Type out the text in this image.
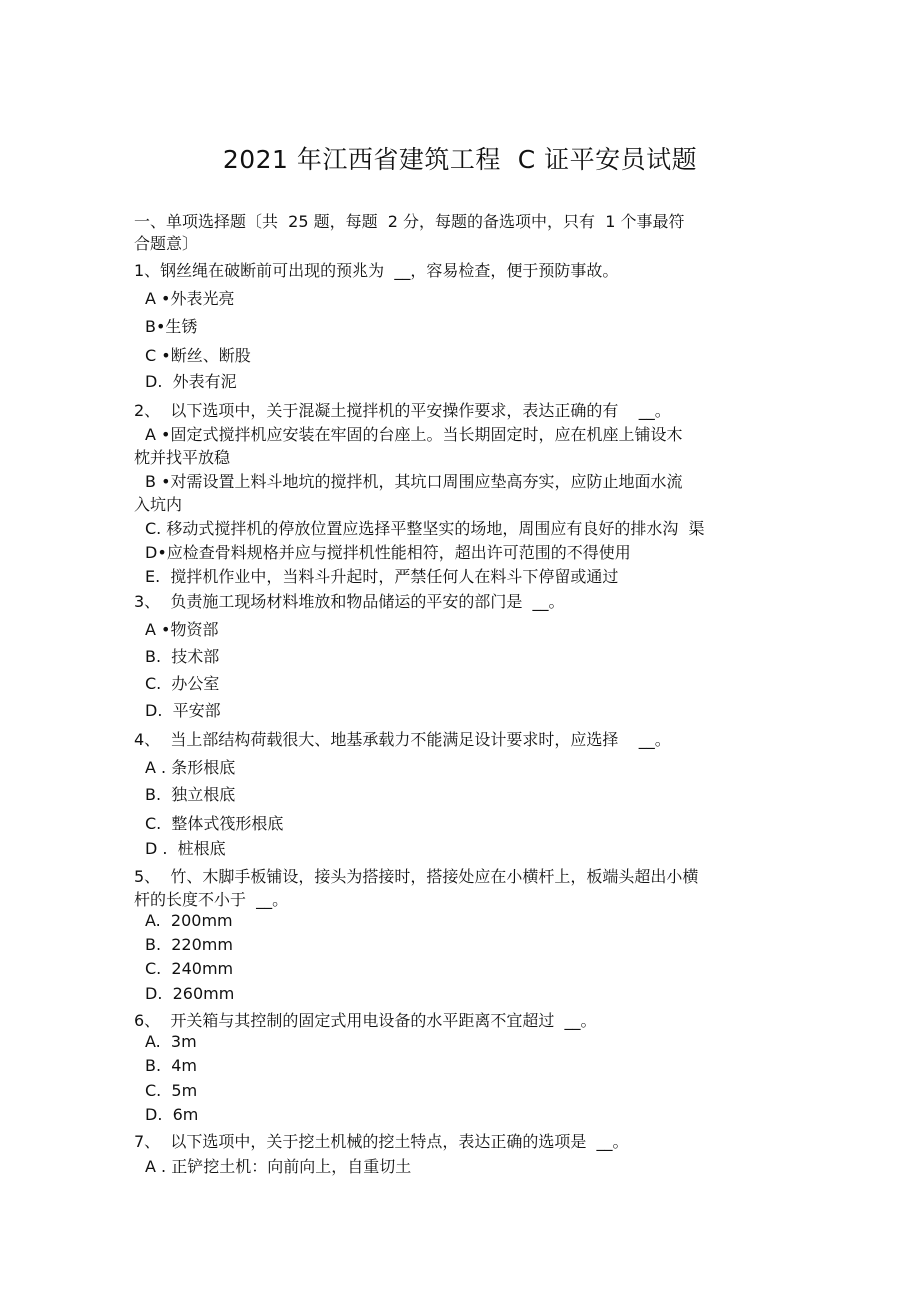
2021 年江西省建筑工程  C 证平安员试题
一、单项选择题〔共  25 题，每题  2 分，每题的备选项中，只有  1 个事最符
合题意〕
1、钢丝绳在破断前可出现的预兆为  __，容易检查，便于预防事故。
A •外表光亮
B•生锈
C •断丝、断股
D.  外表有泥
2、  以下选项中，关于混凝土搅拌机的平安操作要求，表达正确的有    __。
A •固定式搅拌机应安装在牢固的台座上。当长期固定时，应在机座上铺设木
枕并找平放稳
B •对需设置上料斗地坑的搅拌机，其坑口周围应垫高夯实，应防止地面水流
入坑内
C. 移动式搅拌机的停放位置应选择平整坚实的场地，周围应有良好的排水沟  渠
D•应检查骨料规格并应与搅拌机性能相符，超出许可范围的不得使用
E.  搅拌机作业中，当料斗升起时，严禁任何人在料斗下停留或通过
3、  负责施工现场材料堆放和物品储运的平安的部门是  __。
A •物资部
B.  技术部
C.  办公室
D.  平安部
4、  当上部结构荷载很大、地基承载力不能满足设计要求时，应选择    __。
A . 条形根底
B.  独立根底
C.  整体式筏形根底
D .  桩根底
5、  竹、木脚手板铺设，接头为搭接时，搭接处应在小横杆上，板端头超出小横
杆的长度不小于  __。
A.  200mm
B.  220mm
C.  240mm
D.  260mm
6、  开关箱与其控制的固定式用电设备的水平距离不宜超过  __。
A.  3m
B.  4m
C.  5m
D.  6m
7、  以下选项中，关于挖土机械的挖土特点，表达正确的选项是  __。
A . 正铲挖土机：向前向上，自重切土
